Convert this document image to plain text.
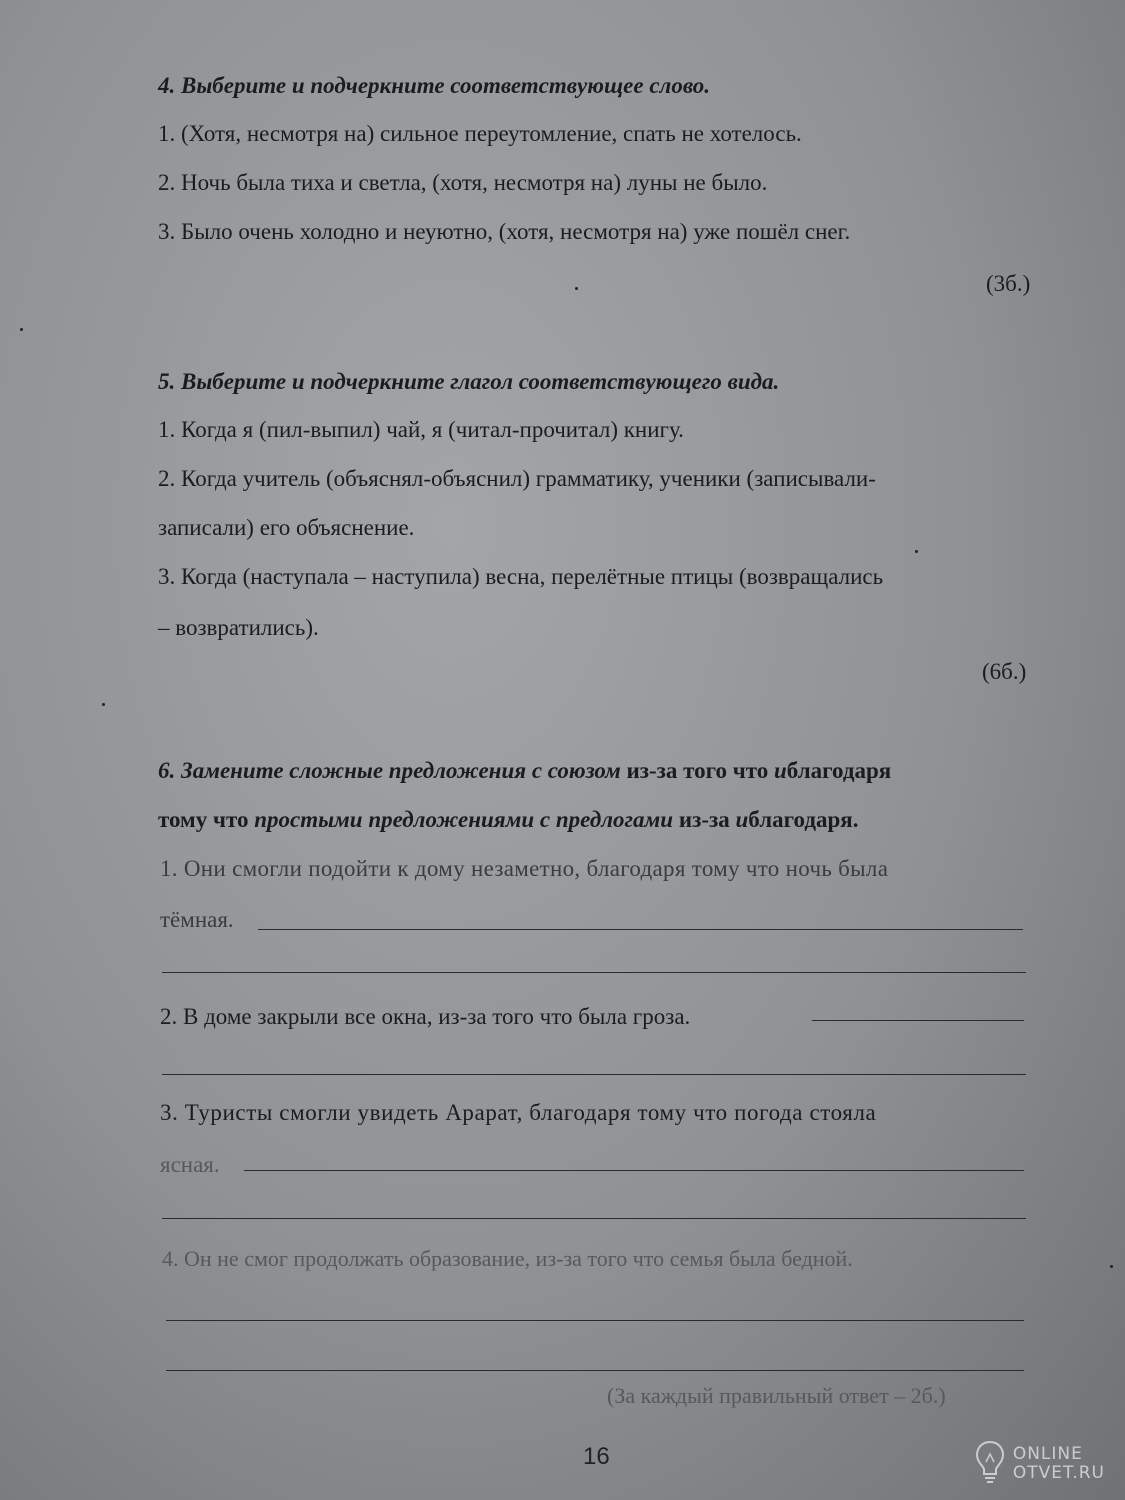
4. Выберите и подчеркните соответствующее слово.
1. (Хотя, несмотря на) сильное переутомление, спать не хотелось.
2. Ночь была тиха и светла, (хотя, несмотря на) луны не было.
3. Было очень холодно и неуютно, (хотя, несмотря на) уже пошёл снег.
(3б.)
5. Выберите и подчеркните глагол соответствующего вида.
1. Когда я (пил-выпил) чай, я (читал-прочитал) книгу.
2. Когда учитель (объяснял-объяснил) грамматику, ученики (записывали-
записали) его объяснение.
3. Когда (наступала – наступила) весна, перелётные птицы (возвращались
– возвратились).
(6б.)
6. Замените сложные предложения с союзом из-за того что иблагодаря
тому что простыми предложениями с предлогами из-за иблагодаря.
1. Они смогли подойти к дому незаметно, благодаря тому что ночь была
тёмная.
2. В доме закрыли все окна, из-за того что была гроза.
3. Туристы смогли увидеть Арарат, благодаря тому что погода стояла
ясная.
4. Он не смог продолжать образование, из-за того что семья была бедной.
(За каждый правильный ответ – 2б.)
16	ONLINE
OTVET.RU
